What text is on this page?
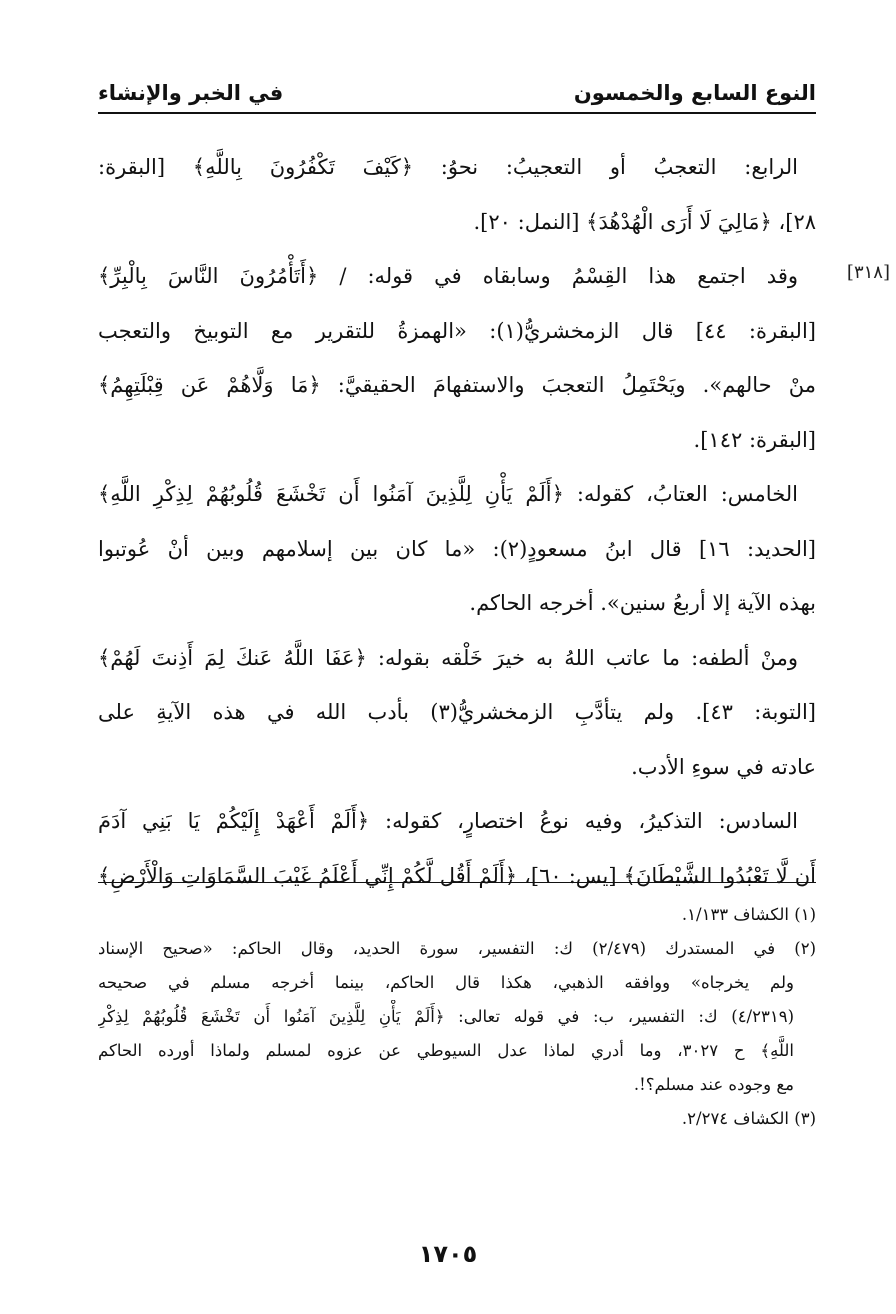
النوع السابع والخمسون
في الخبر والإنشاء
[٣١٨]
الرابع: التعجبُ أو التعجيبُ: نحوُ: ﴿كَيْفَ تَكْفُرُونَ بِاللَّهِ﴾ [البقرة:
٢٨]، ﴿مَالِيَ لَا أَرَى الْهُدْهُدَ﴾ [النمل: ٢٠].
وقد اجتمع هذا القِسْمُ وسابقاه في قوله: / ﴿أَتَأْمُرُونَ النَّاسَ بِالْبِرِّ﴾
[البقرة: ٤٤] قال الزمخشريُّ(١): «الهمزةُ للتقرير مع التوبيخ والتعجب
منْ حالهم». ويَحْتَمِلُ التعجبَ والاستفهامَ الحقيقيَّ: ﴿مَا وَلَّاهُمْ عَن قِبْلَتِهِمُ﴾
[البقرة: ١٤٢].
الخامس: العتابُ، كقوله: ﴿أَلَمْ يَأْنِ لِلَّذِينَ آمَنُوا أَن تَخْشَعَ قُلُوبُهُمْ لِذِكْرِ اللَّهِ﴾
[الحديد: ١٦] قال ابنُ مسعودٍ(٢): «ما كان بين إسلامهم وبين أنْ عُوتبوا
بهذه الآية إلا أربعُ سنين». أخرجه الحاكم.
ومنْ ألطفه: ما عاتب اللهُ به خيرَ خَلْقه بقوله: ﴿عَفَا اللَّهُ عَنكَ لِمَ أَذِنتَ لَهُمْ﴾
[التوبة: ٤٣]. ولم يتأدَّبِ الزمخشريُّ(٣) بأدب الله في هذه الآيةِ على
عادته في سوءِ الأدب.
السادس: التذكيرُ، وفيه نوعُ اختصارٍ، كقوله: ﴿أَلَمْ أَعْهَدْ إِلَيْكُمْ يَا بَنِي آدَمَ
أَن لَّا تَعْبُدُوا الشَّيْطَانَ﴾ [يس: ٦٠]، ﴿أَلَمْ أَقُل لَّكُمْ إِنِّي أَعْلَمُ غَيْبَ السَّمَاوَاتِ وَالْأَرْضِ﴾
(١) الكشاف ١/١٣٣.
(٢) في المستدرك (٢/٤٧٩) ك: التفسير، سورة الحديد، وقال الحاكم: «صحيح الإسناد
ولم يخرجاه» ووافقه الذهبي، هكذا قال الحاكم، بينما أخرجه مسلم في صحيحه
(٤/٢٣١٩) ك: التفسير، ب: في قوله تعالى: ﴿أَلَمْ يَأْنِ لِلَّذِينَ آمَنُوا أَن تَخْشَعَ قُلُوبُهُمْ لِذِكْرِ
اللَّهِ﴾ ح ٣٠٢٧، وما أدري لماذا عدل السيوطي عن عزوه لمسلم ولماذا أورده الحاكم
مع وجوده عند مسلم؟!.
(٣) الكشاف ٢/٢٧٤.
١٧٠٥
